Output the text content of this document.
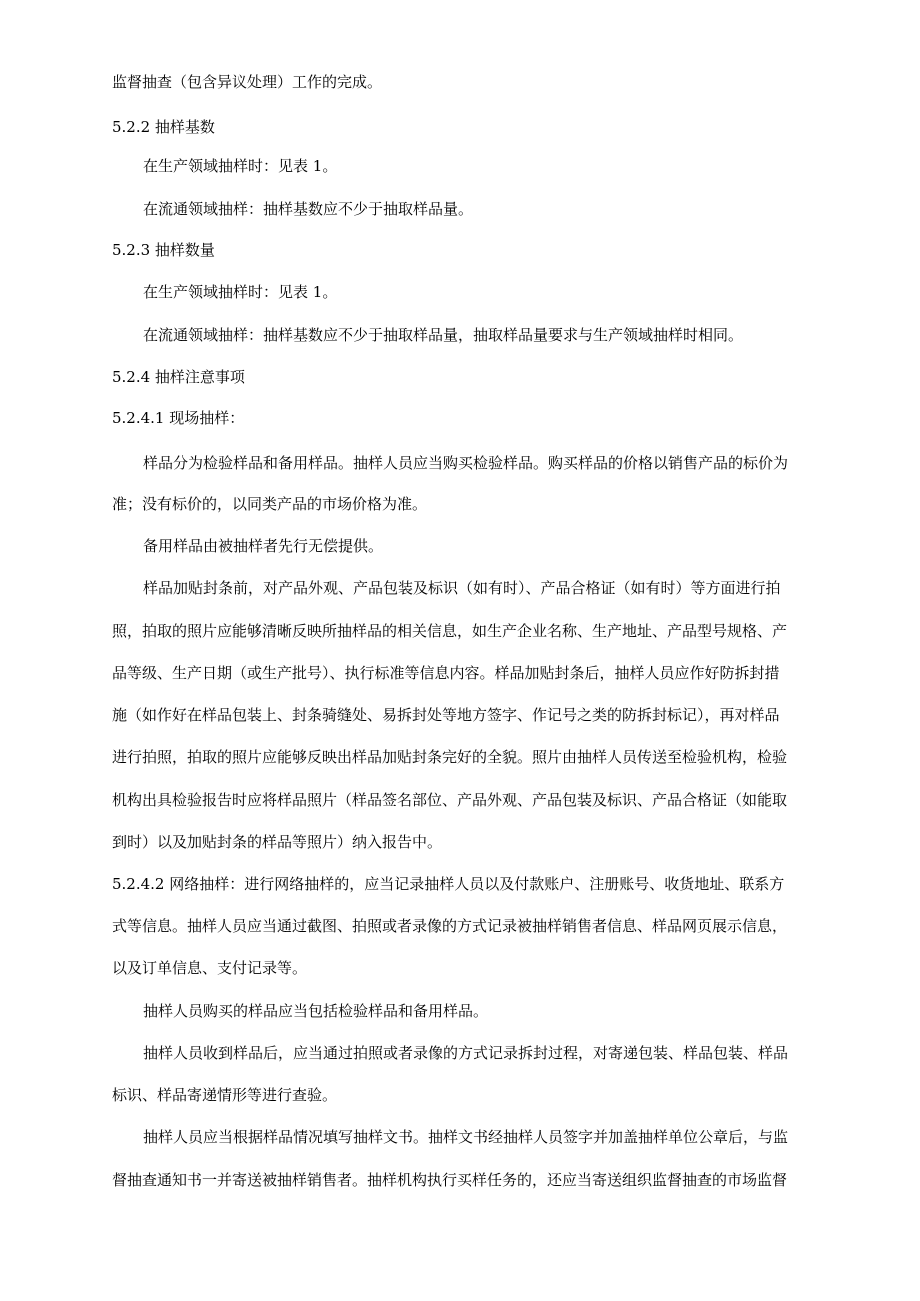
监督抽查（包含异议处理）工作的完成。
5.2.2 抽样基数
在生产领域抽样时：见表 1。
在流通领域抽样：抽样基数应不少于抽取样品量。
5.2.3 抽样数量
在生产领域抽样时：见表 1。
在流通领域抽样：抽样基数应不少于抽取样品量，抽取样品量要求与生产领域抽样时相同。
5.2.4 抽样注意事项
5.2.4.1 现场抽样：
样品分为检验样品和备用样品。抽样人员应当购买检验样品。购买样品的价格以销售产品的标价为
准；没有标价的，以同类产品的市场价格为准。
备用样品由被抽样者先行无偿提供。
样品加贴封条前，对产品外观、产品包装及标识（如有时）、产品合格证（如有时）等方面进行拍
照，拍取的照片应能够清晰反映所抽样品的相关信息，如生产企业名称、生产地址、产品型号规格、产
品等级、生产日期（或生产批号）、执行标准等信息内容。样品加贴封条后，抽样人员应作好防拆封措
施（如作好在样品包装上、封条骑缝处、易拆封处等地方签字、作记号之类的防拆封标记），再对样品
进行拍照，拍取的照片应能够反映出样品加贴封条完好的全貌。照片由抽样人员传送至检验机构，检验
机构出具检验报告时应将样品照片（样品签名部位、产品外观、产品包装及标识、产品合格证（如能取
到时）以及加贴封条的样品等照片）纳入报告中。
5.2.4.2 网络抽样：进行网络抽样的，应当记录抽样人员以及付款账户、注册账号、收货地址、联系方
式等信息。抽样人员应当通过截图、拍照或者录像的方式记录被抽样销售者信息、样品网页展示信息，
以及订单信息、支付记录等。
抽样人员购买的样品应当包括检验样品和备用样品。
抽样人员收到样品后，应当通过拍照或者录像的方式记录拆封过程，对寄递包装、样品包装、样品
标识、样品寄递情形等进行查验。
抽样人员应当根据样品情况填写抽样文书。抽样文书经抽样人员签字并加盖抽样单位公章后，与监
督抽查通知书一并寄送被抽样销售者。抽样机构执行买样任务的，还应当寄送组织监督抽查的市场监督
